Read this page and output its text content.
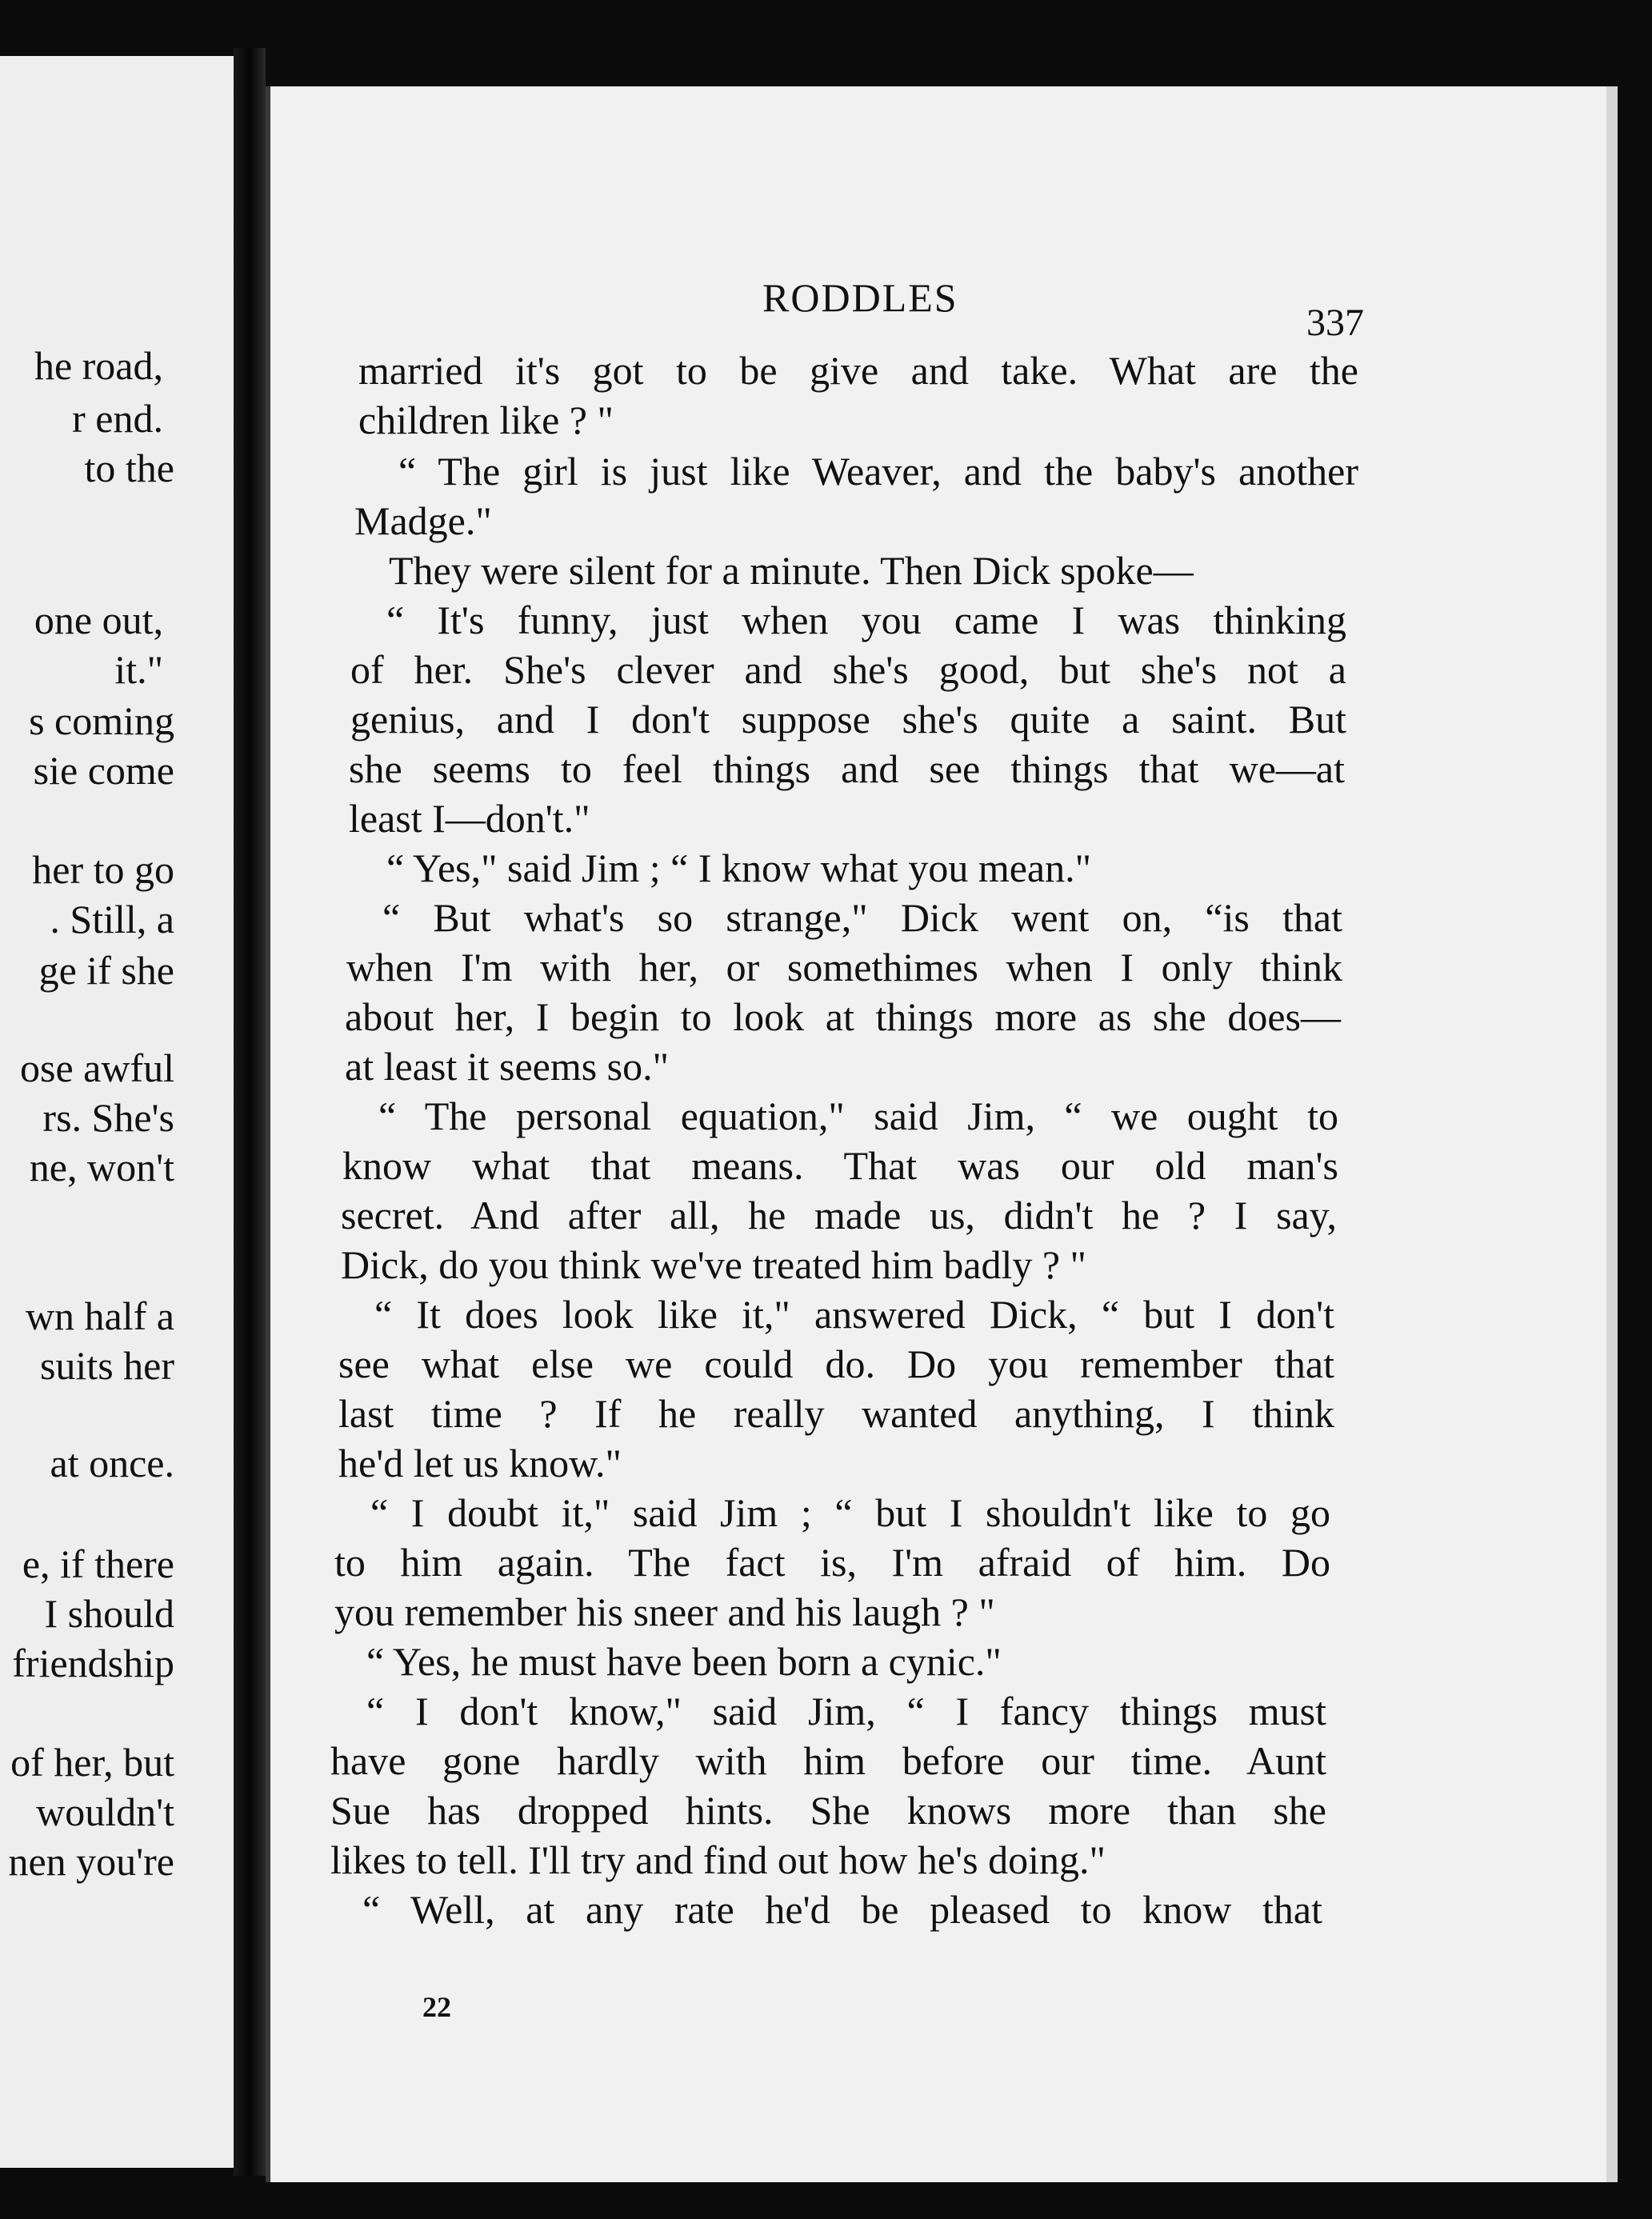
he road,
r end.
to the
one out,
it."
s coming
sie come
her to go
. Still, a
ge if she
ose awful
rs. She's
ne, won't
wn half a
suits her
at once.
e, if there
I should
friendship
of her, but
wouldn't
nen you're
RODDLES
337
married it's got to be give and take. What are the
children like ? "
“ The girl is just like Weaver, and the baby's another
Madge."
They were silent for a minute. Then Dick spoke—
“ It's funny, just when you came I was thinking
of her. She's clever and she's good, but she's not a
genius, and I don't suppose she's quite a saint. But
she seems to feel things and see things that we—at
least I—don't."
“ Yes," said Jim ; “ I know what you mean."
“ But what's so strange," Dick went on, “is that
when I'm with her, or somethimes when I only think
about her, I begin to look at things more as she does—
at least it seems so."
“ The personal equation," said Jim, “ we ought to
know what that means. That was our old man's
secret. And after all, he made us, didn't he ? I say,
Dick, do you think we've treated him badly ? "
“ It does look like it," answered Dick, “ but I don't
see what else we could do. Do you remember that
last time ? If he really wanted anything, I think
he'd let us know."
“ I doubt it," said Jim ; “ but I shouldn't like to go
to him again. The fact is, I'm afraid of him. Do
you remember his sneer and his laugh ? "
“ Yes, he must have been born a cynic."
“ I don't know," said Jim, “ I fancy things must
have gone hardly with him before our time. Aunt
Sue has dropped hints. She knows more than she
likes to tell. I'll try and find out how he's doing."
“ Well, at any rate he'd be pleased to know that
22
